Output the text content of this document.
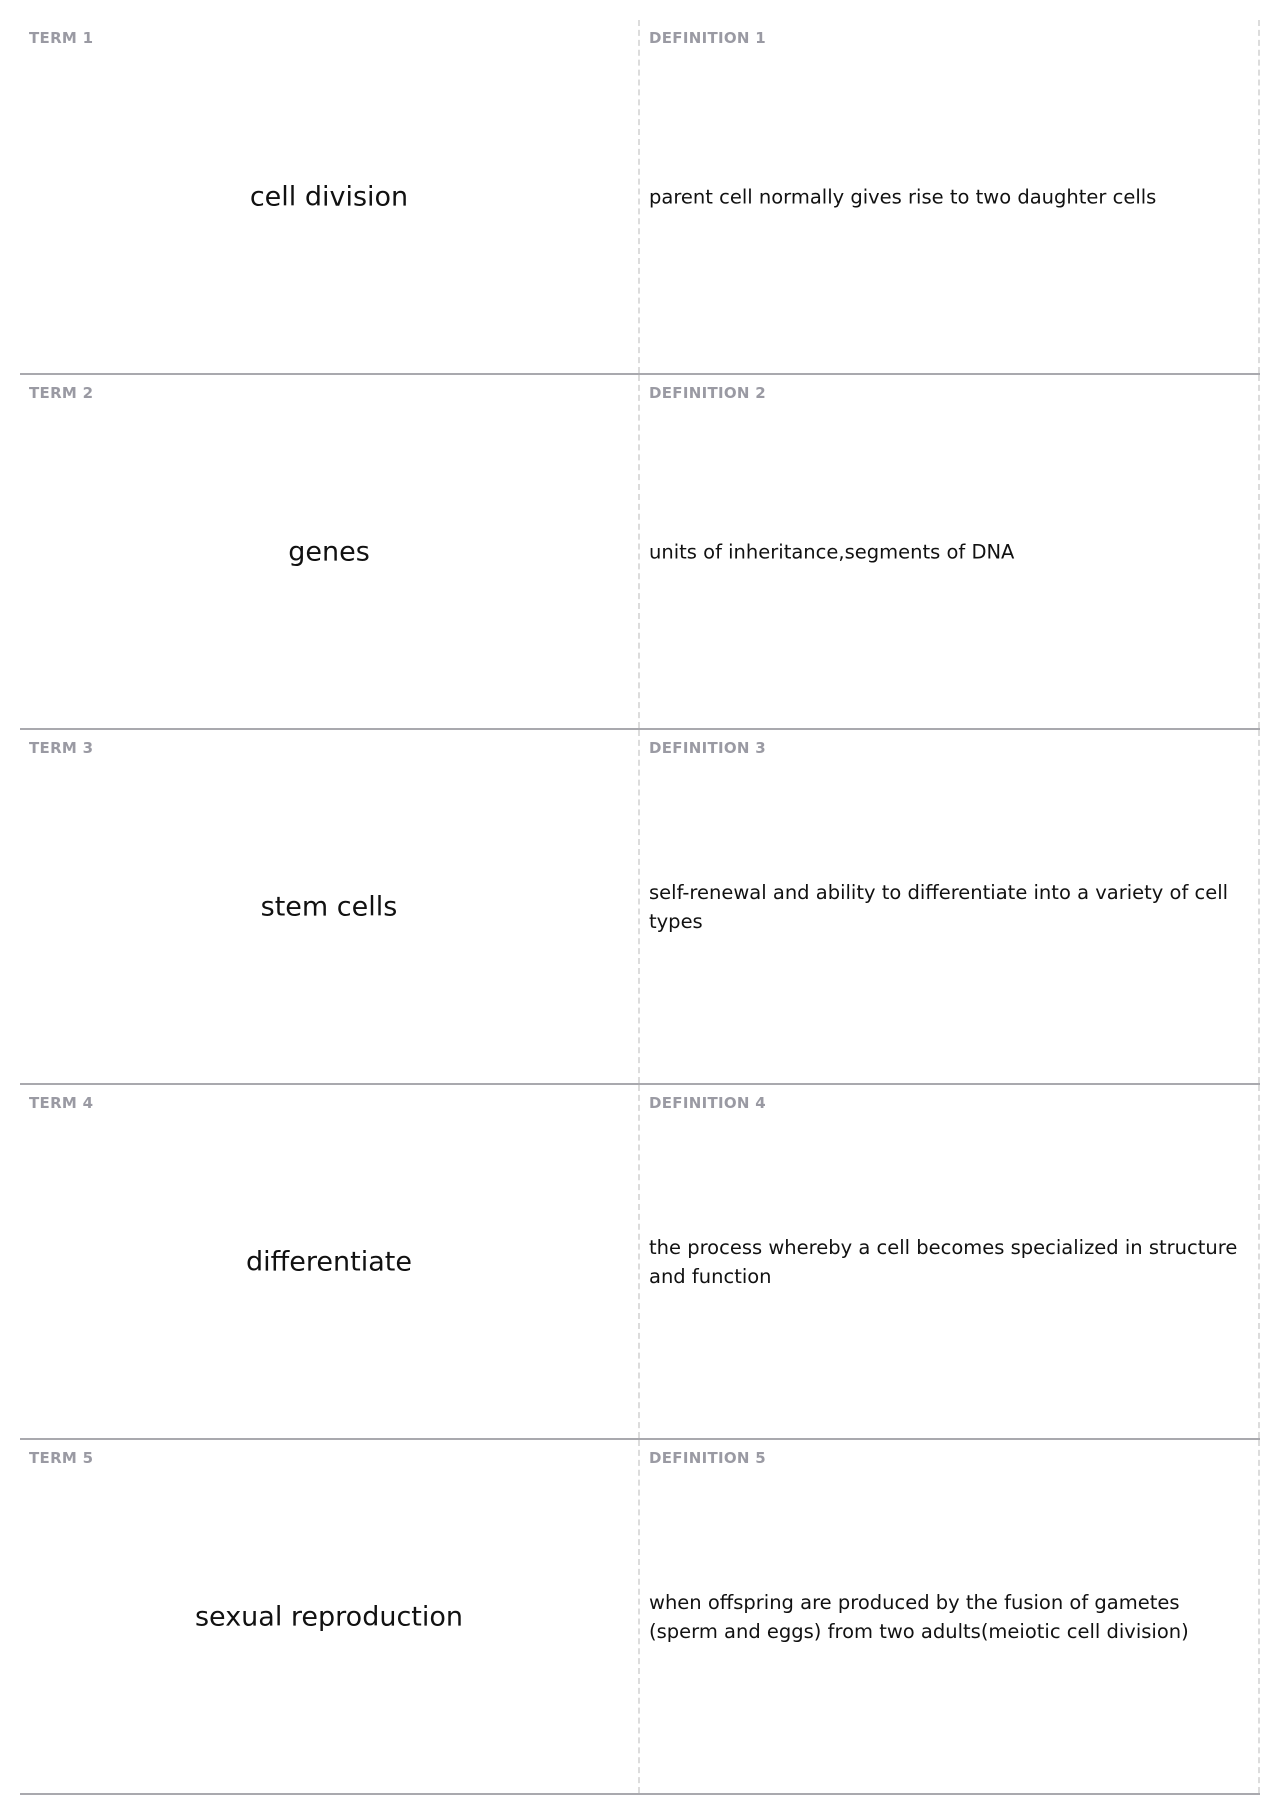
TERM 1
cell division
DEFINITION 1
parent cell normally gives rise to two daughter cells
TERM 2
genes
DEFINITION 2
units of inheritance,segments of DNA
TERM 3
stem cells
DEFINITION 3
self-renewal and ability to differentiate into a variety of cell types
TERM 4
differentiate
DEFINITION 4
the process whereby a cell becomes specialized in structure and function
TERM 5
sexual reproduction
DEFINITION 5
when offspring are produced by the fusion of gametes (sperm and eggs) from two adults(meiotic cell division)
